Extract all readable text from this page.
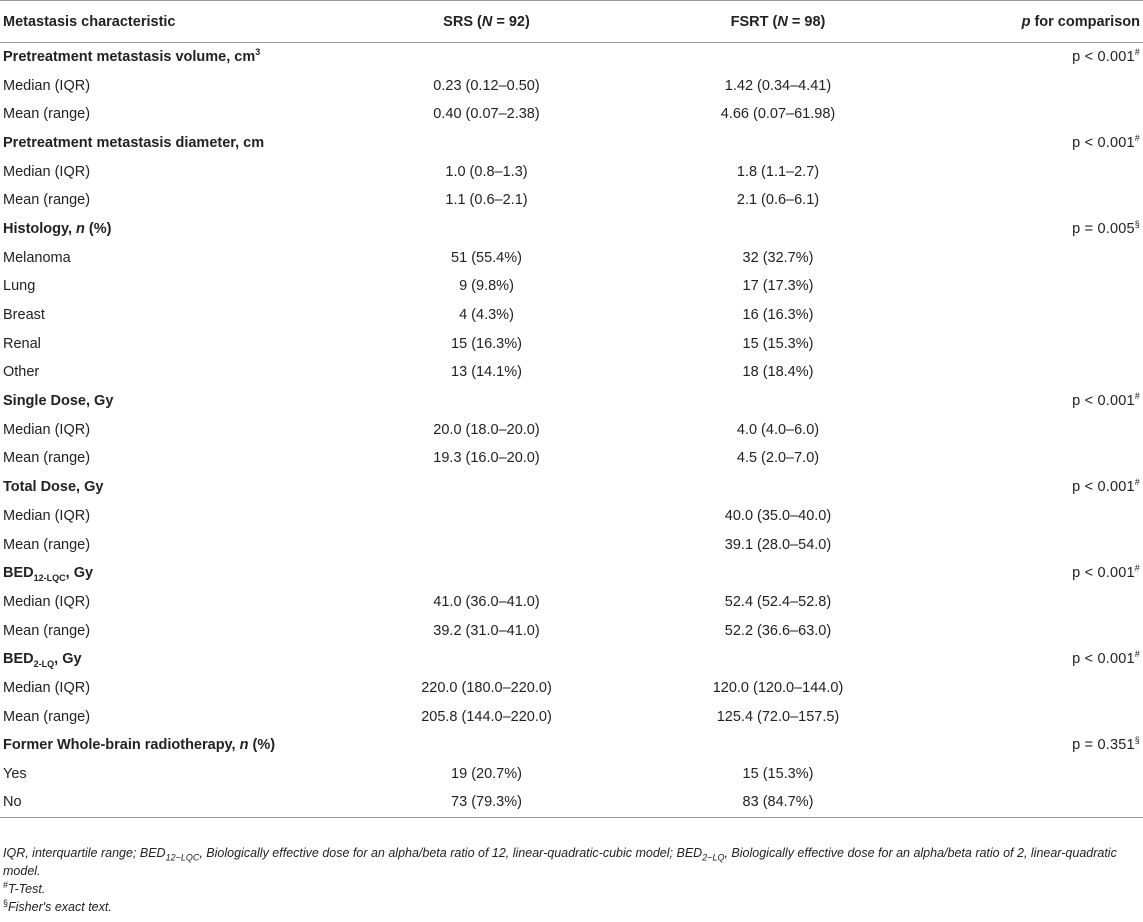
Metastasis characteristic	SRS (N = 92)	FSRT (N = 98)	p for comparison
Pretreatment metastasis volume, $cm^3$			p < 0.001#
Median (IQR)	0.23 (0.12–0.50)	1.42 (0.34–4.41)	
Mean (range)	0.40 (0.07–2.38)	4.66 (0.07–61.98)	
Pretreatment metastasis diameter, cm			p < 0.001#
Median (IQR)	1.0 (0.8–1.3)	1.8 (1.1–2.7)	
Mean (range)	1.1 (0.6–2.1)	2.1 (0.6–6.1)	
Histology, n (%)			p = 0.005§
Melanoma	51 (55.4%)	32 (32.7%)	
Lung	9 (9.8%)	17 (17.3%)	
Breast	4 (4.3%)	16 (16.3%)	
Renal	15 (16.3%)	15 (15.3%)	
Other	13 (14.1%)	18 (18.4%)	
Single Dose, Gy			p < 0.001#
Median (IQR)	20.0 (18.0–20.0)	4.0 (4.0–6.0)	
Mean (range)	19.3 (16.0–20.0)	4.5 (2.0–7.0)	
Total Dose, Gy			p < 0.001#
Median (IQR)		40.0 (35.0–40.0)	
Mean (range)		39.1 (28.0–54.0)	
$BED_{12-LQC}$, Gy			p < 0.001#
Median (IQR)	41.0 (36.0–41.0)	52.4 (52.4–52.8)	
Mean (range)	39.2 (31.0–41.0)	52.2 (36.6–63.0)	
$BED_{2-LQ}$, Gy			p < 0.001#
Median (IQR)	220.0 (180.0–220.0)	120.0 (120.0–144.0)	
Mean (range)	205.8 (144.0–220.0)	125.4 (72.0–157.5)	
Former Whole-brain radiotherapy, n (%)			p = 0.351§
Yes	19 (20.7%)	15 (15.3%)	
No	73 (79.3%)	83 (84.7%)	
IQR, interquartile range; $BED_{12-LQC}$, Biologically effective dose for an alpha/beta ratio of 12, linear-quadratic-cubic model; $BED_{2-LQ}$, Biologically effective dose for an alpha/beta ratio of 2, linear-quadratic model.
#T-Test.
§Fisher's exact text.
